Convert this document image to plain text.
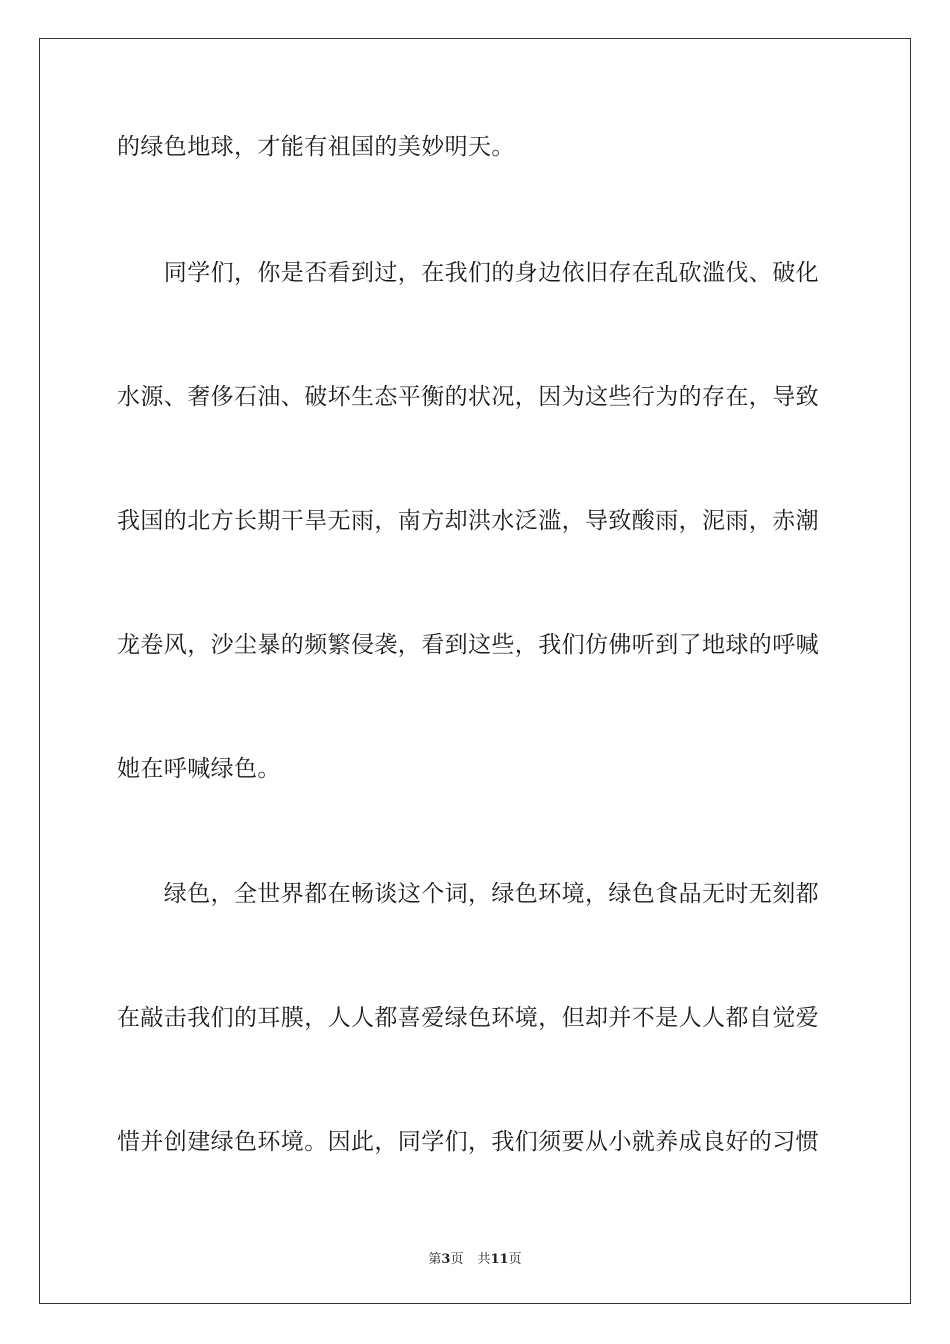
的绿色地球，才能有祖国的美妙明天。
　　同学们，你是否看到过，在我们的身边依旧存在乱砍滥伐、破化
水源、奢侈石油、破坏生态平衡的状况，因为这些行为的存在，导致
我国的北方长期干旱无雨，南方却洪水泛滥，导致酸雨，泥雨，赤潮
龙卷风，沙尘暴的频繁侵袭，看到这些，我们仿佛听到了地球的呼喊
她在呼喊绿色。
　　绿色，全世界都在畅谈这个词，绿色环境，绿色食品无时无刻都
在敲击我们的耳膜，人人都喜爱绿色环境，但却并不是人人都自觉爱
惜并创建绿色环境。因此，同学们，我们须要从小就养成良好的习惯
第3页 共11页
